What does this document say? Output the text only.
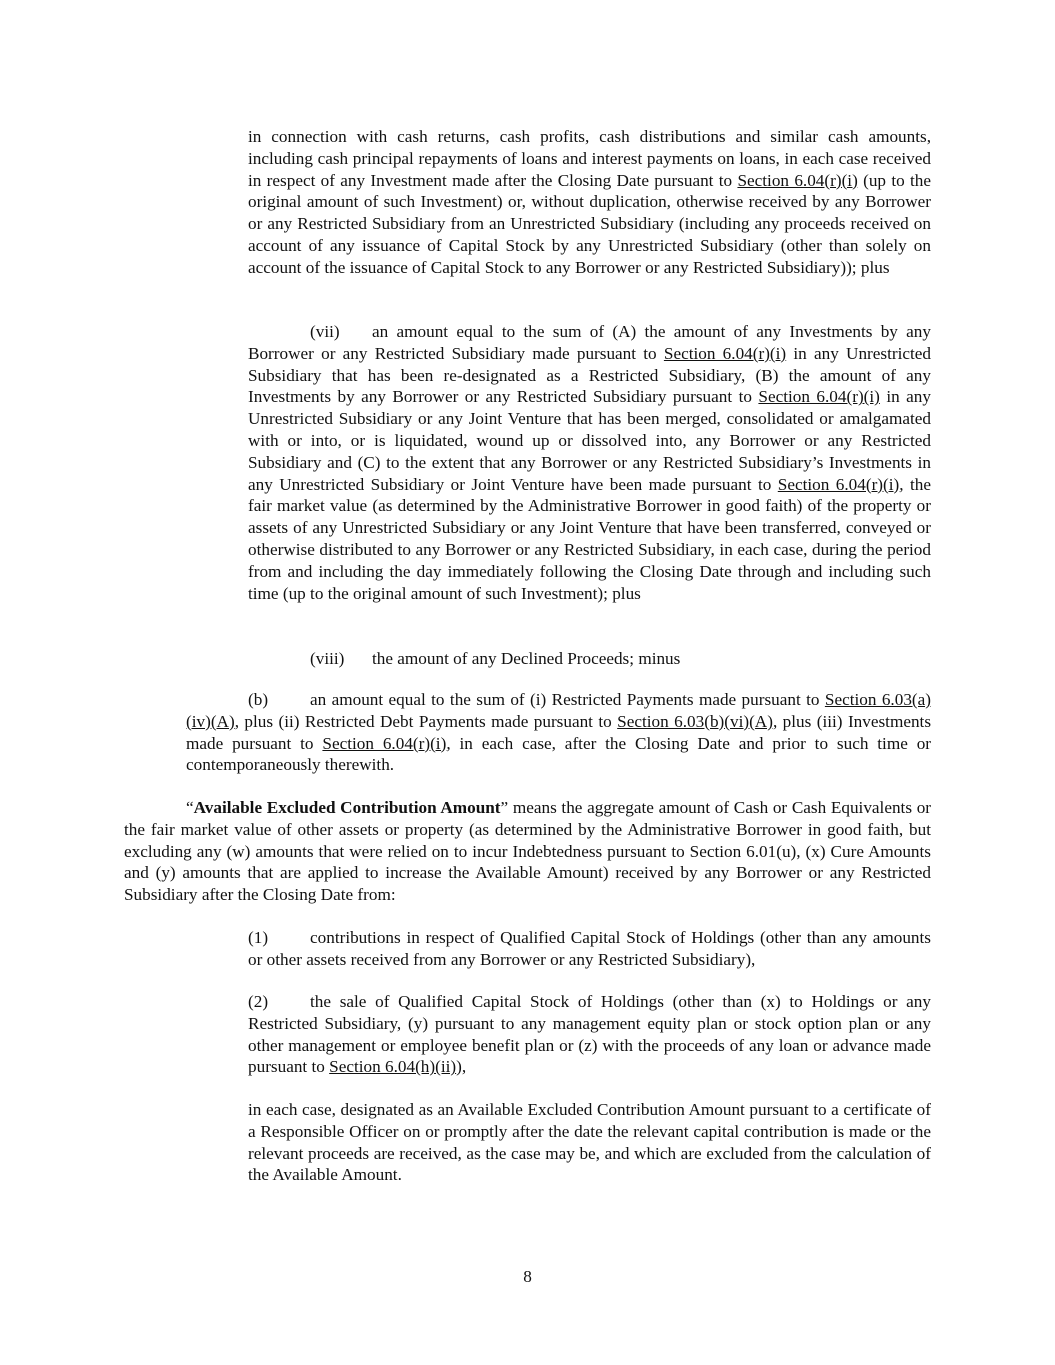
in connection with cash returns, cash profits, cash distributions and similar cash amounts, including cash principal repayments of loans and interest payments on loans, in each case received in respect of any Investment made after the Closing Date pursuant to Section 6.04(r)(i) (up to the original amount of such Investment) or, without duplication, otherwise received by any Borrower or any Restricted Subsidiary from an Unrestricted Subsidiary (including any proceeds received on account of any issuance of Capital Stock by any Unrestricted Subsidiary (other than solely on account of the issuance of Capital Stock to any Borrower or any Restricted Subsidiary)); plus

(vii) an amount equal to the sum of (A) the amount of any Investments by any Borrower or any Restricted Subsidiary made pursuant to Section 6.04(r)(i) in any Unrestricted Subsidiary that has been re-designated as a Restricted Subsidiary, (B) the amount of any Investments by any Borrower or any Restricted Subsidiary pursuant to Section 6.04(r)(i) in any Unrestricted Subsidiary or any Joint Venture that has been merged, consolidated or amalgamated with or into, or is liquidated, wound up or dissolved into, any Borrower or any Restricted Subsidiary and (C) to the extent that any Borrower or any Restricted Subsidiary’s Investments in any Unrestricted Subsidiary or Joint Venture have been made pursuant to Section 6.04(r)(i), the fair market value (as determined by the Administrative Borrower in good faith) of the property or assets of any Unrestricted Subsidiary or any Joint Venture that have been transferred, conveyed or otherwise distributed to any Borrower or any Restricted Subsidiary, in each case, during the period from and including the day immediately following the Closing Date through and including such time (up to the original amount of such Investment); plus

(viii) the amount of any Declined Proceeds; minus

(b) an amount equal to the sum of (i) Restricted Payments made pursuant to Section 6.03(a)(iv)(A), plus (ii) Restricted Debt Payments made pursuant to Section 6.03(b)(vi)(A), plus (iii) Investments made pursuant to Section 6.04(r)(i), in each case, after the Closing Date and prior to such time or contemporaneously therewith.

“Available Excluded Contribution Amount” means the aggregate amount of Cash or Cash Equivalents or the fair market value of other assets or property (as determined by the Administrative Borrower in good faith, but excluding any (w) amounts that were relied on to incur Indebtedness pursuant to Section 6.01(u), (x) Cure Amounts and (y) amounts that are applied to increase the Available Amount) received by any Borrower or any Restricted Subsidiary after the Closing Date from:

(1) contributions in respect of Qualified Capital Stock of Holdings (other than any amounts or other assets received from any Borrower or any Restricted Subsidiary),

(2) the sale of Qualified Capital Stock of Holdings (other than (x) to Holdings or any Restricted Subsidiary, (y) pursuant to any management equity plan or stock option plan or any other management or employee benefit plan or (z) with the proceeds of any loan or advance made pursuant to Section 6.04(h)(ii)),

in each case, designated as an Available Excluded Contribution Amount pursuant to a certificate of a Responsible Officer on or promptly after the date the relevant capital contribution is made or the relevant proceeds are received, as the case may be, and which are excluded from the calculation of the Available Amount.

8
